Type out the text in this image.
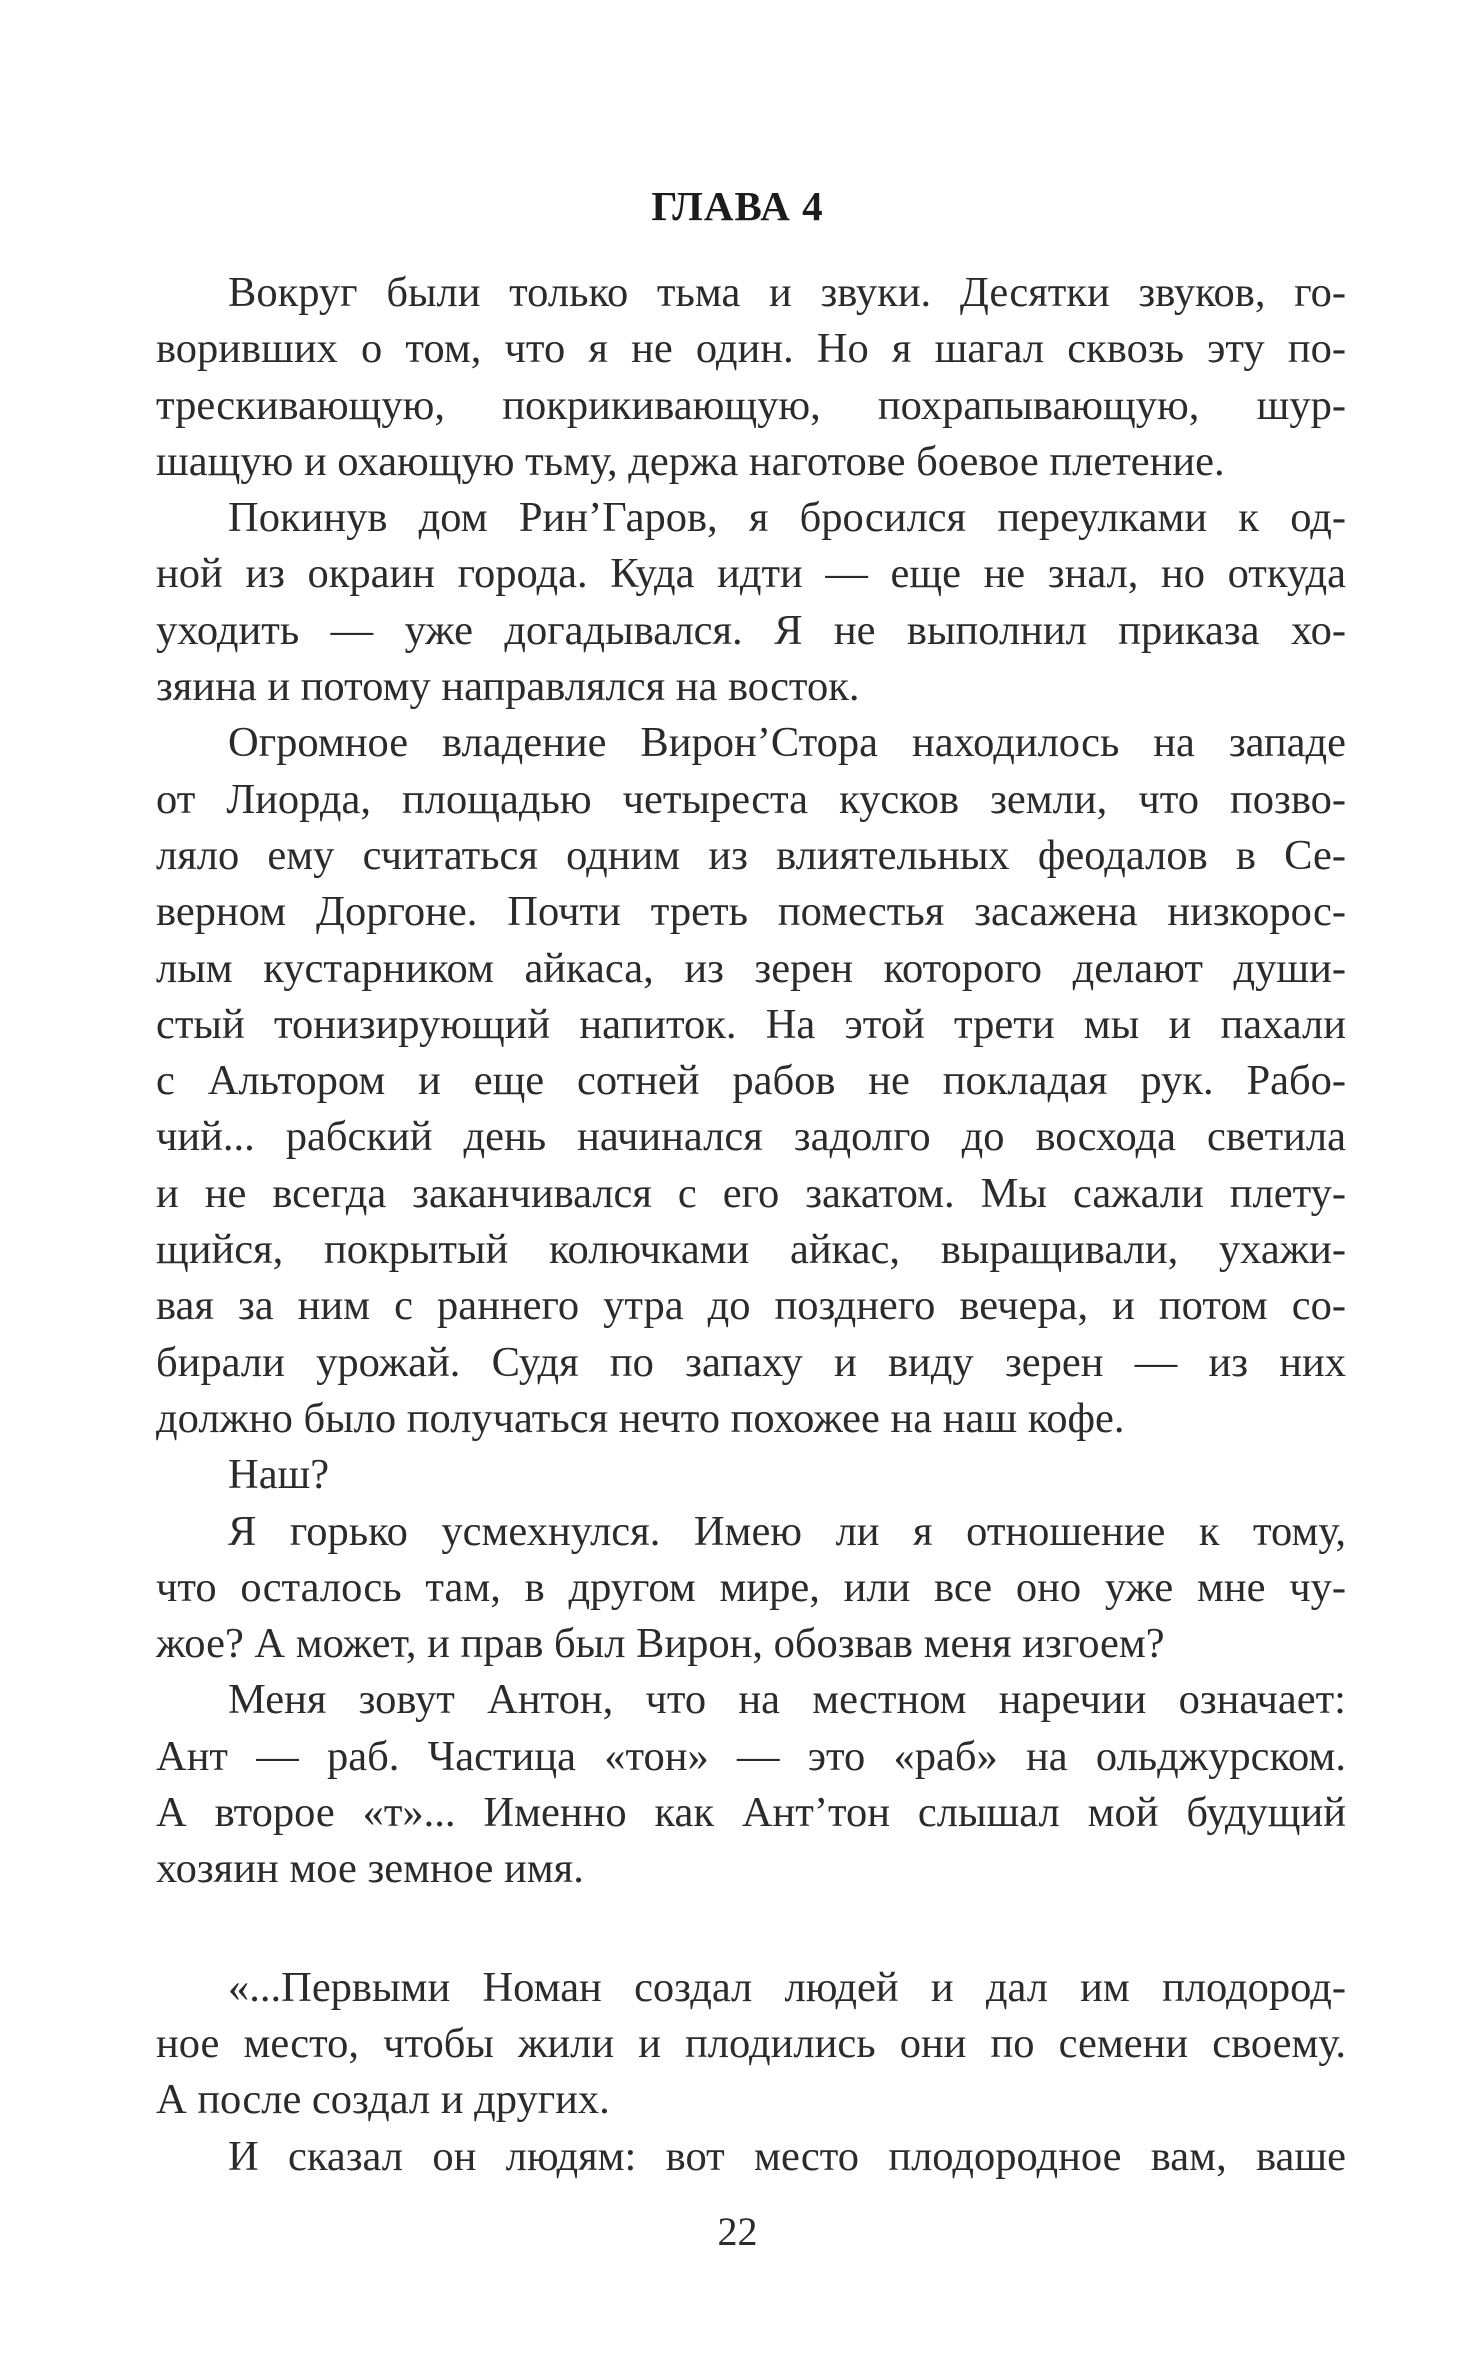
ГЛАВА 4
Вокруг были только тьма и звуки. Десятки звуков, го-
воривших о том, что я не один. Но я шагал сквозь эту по-
трескивающую, покрикивающую, похрапывающую, шур-
шащую и охающую тьму, держа наготове боевое плетение.
Покинув дом Рин’Гаров, я бросился переулками к од-
ной из окраин города. Куда идти — еще не знал, но откуда
уходить — уже догадывался. Я не выполнил приказа хо-
зяина и потому направлялся на восток.
Огромное владение Вирон’Стора находилось на западе
от Лиорда, площадью четыреста кусков земли, что позво-
ляло ему считаться одним из влиятельных феодалов в Се-
верном Доргоне. Почти треть поместья засажена низкорос-
лым кустарником айкаса, из зерен которого делают души-
стый тонизирующий напиток. На этой трети мы и пахали
с Альтором и еще сотней рабов не покладая рук. Рабо-
чий... рабский день начинался задолго до восхода светила
и не всегда заканчивался с его закатом. Мы сажали плету-
щийся, покрытый колючками айкас, выращивали, ухажи-
вая за ним с раннего утра до позднего вечера, и потом со-
бирали урожай. Судя по запаху и виду зерен — из них
должно было получаться нечто похожее на наш кофе.
Наш?
Я горько усмехнулся. Имею ли я отношение к тому,
что осталось там, в другом мире, или все оно уже мне чу-
жое? А может, и прав был Вирон, обозвав меня изгоем?
Меня зовут Антон, что на местном наречии означает:
Ант — раб. Частица «тон» — это «раб» на ольджурском.
А второе «т»... Именно как Ант’тон слышал мой будущий
хозяин мое земное имя.
«...Первыми Номан создал людей и дал им плодород-
ное место, чтобы жили и плодились они по семени своему.
А после создал и других.
И сказал он людям: вот место плодородное вам, ваше
22
